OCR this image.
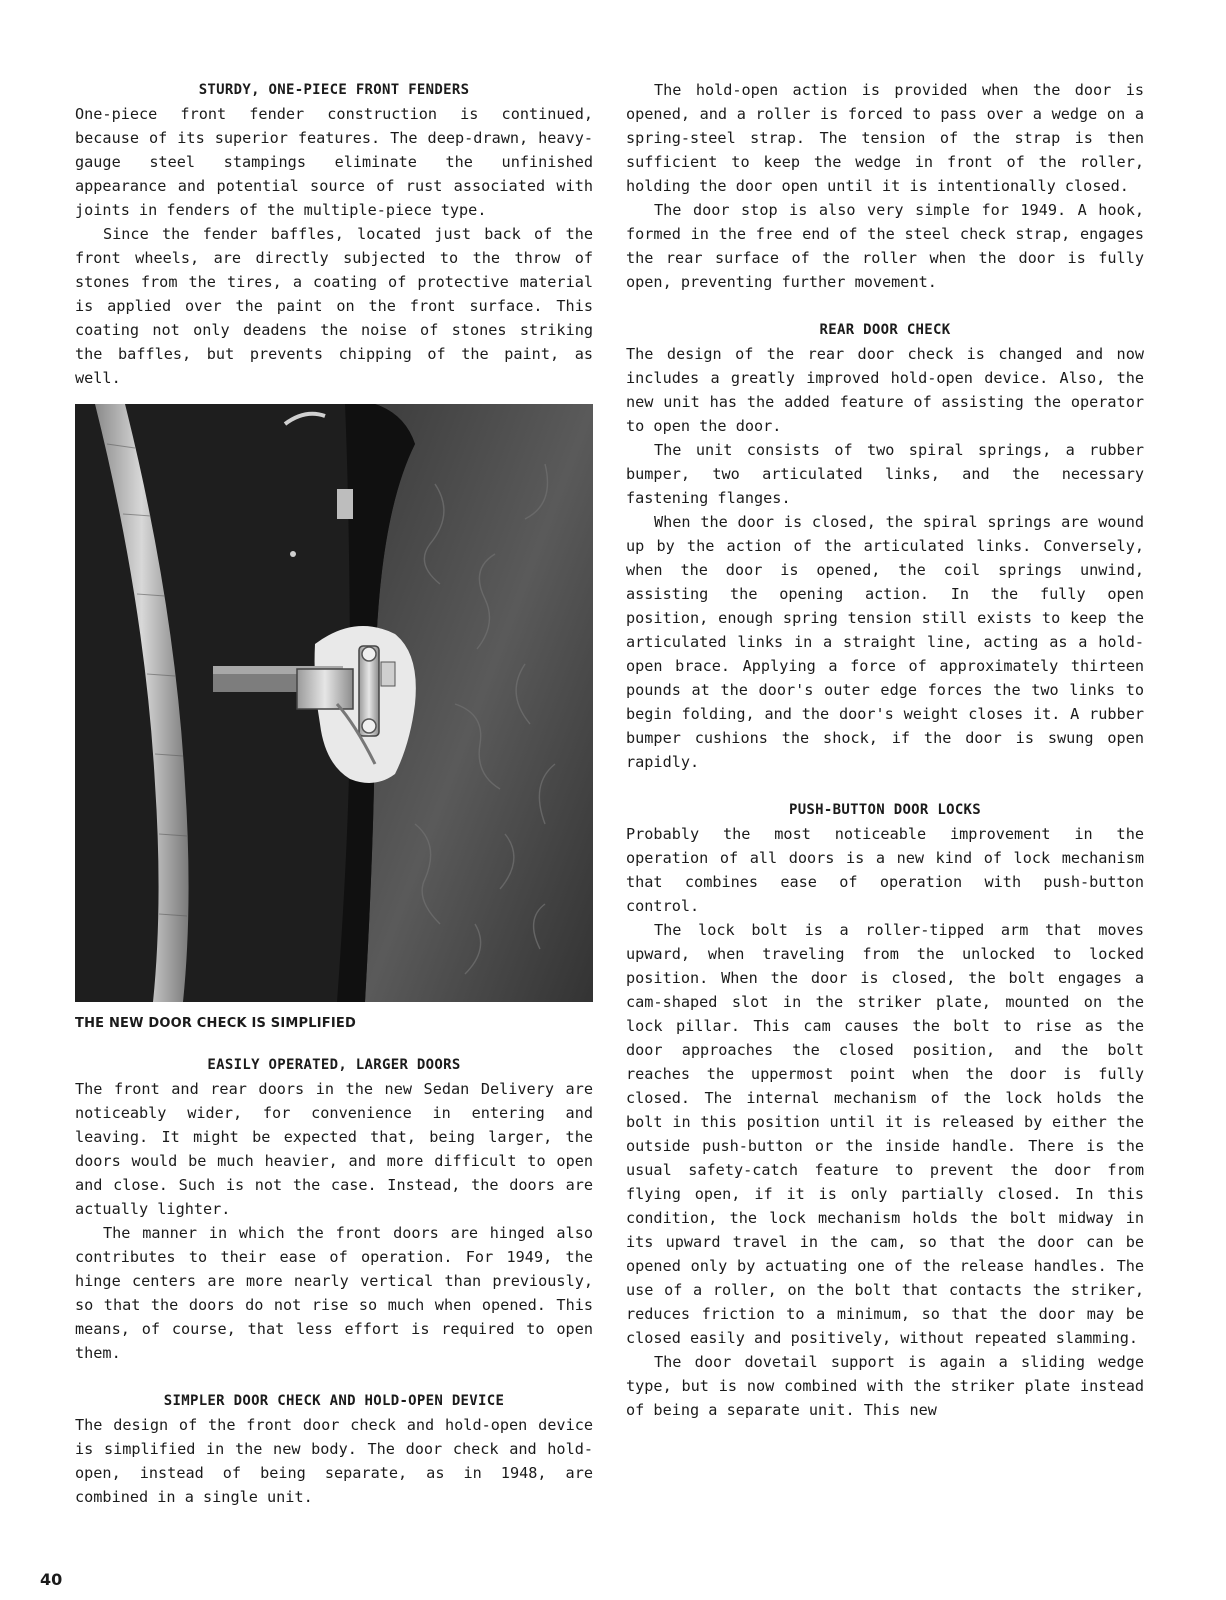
STURDY, ONE-PIECE FRONT FENDERS

One-piece front fender construction is continued, because of its superior features. The deep-drawn, heavy-gauge steel stampings eliminate the unfinished appearance and potential source of rust associated with joints in fenders of the multiple-piece type.

Since the fender baffles, located just back of the front wheels, are directly subjected to the throw of stones from the tires, a coating of protective material is applied over the paint on the front surface. This coating not only deadens the noise of stones striking the baffles, but prevents chipping of the paint, as well.

THE NEW DOOR CHECK IS SIMPLIFIED
EASILY OPERATED, LARGER DOORS

The front and rear doors in the new Sedan Delivery are noticeably wider, for convenience in entering and leaving. It might be expected that, being larger, the doors would be much heavier, and more difficult to open and close. Such is not the case. Instead, the doors are actually lighter.

The manner in which the front doors are hinged also contributes to their ease of operation. For 1949, the hinge centers are more nearly vertical than previously, so that the doors do not rise so much when opened. This means, of course, that less effort is required to open them.

SIMPLER DOOR CHECK AND HOLD-OPEN DEVICE

The design of the front door check and hold-open device is simplified in the new body. The door check and hold-open, instead of being separate, as in 1948, are combined in a single unit.

The hold-open action is provided when the door is opened, and a roller is forced to pass over a wedge on a spring-steel strap. The tension of the strap is then sufficient to keep the wedge in front of the roller, holding the door open until it is intentionally closed.

The door stop is also very simple for 1949. A hook, formed in the free end of the steel check strap, engages the rear surface of the roller when the door is fully open, preventing further movement.

REAR DOOR CHECK

The design of the rear door check is changed and now includes a greatly improved hold-open device. Also, the new unit has the added feature of assisting the operator to open the door.

The unit consists of two spiral springs, a rubber bumper, two articulated links, and the necessary fastening flanges.

When the door is closed, the spiral springs are wound up by the action of the articulated links. Conversely, when the door is opened, the coil springs unwind, assisting the opening action. In the fully open position, enough spring tension still exists to keep the articulated links in a straight line, acting as a hold-open brace. Applying a force of approximately thirteen pounds at the door's outer edge forces the two links to begin folding, and the door's weight closes it. A rubber bumper cushions the shock, if the door is swung open rapidly.

PUSH-BUTTON DOOR LOCKS

Probably the most noticeable improvement in the operation of all doors is a new kind of lock mechanism that combines ease of operation with push-button control.

The lock bolt is a roller-tipped arm that moves upward, when traveling from the unlocked to locked position. When the door is closed, the bolt engages a cam-shaped slot in the striker plate, mounted on the lock pillar. This cam causes the bolt to rise as the door approaches the closed position, and the bolt reaches the uppermost point when the door is fully closed. The internal mechanism of the lock holds the bolt in this position until it is released by either the outside push-button or the inside handle. There is the usual safety-catch feature to prevent the door from flying open, if it is only partially closed. In this condition, the lock mechanism holds the bolt midway in its upward travel in the cam, so that the door can be opened only by actuating one of the release handles. The use of a roller, on the bolt that contacts the striker, reduces friction to a minimum, so that the door may be closed easily and positively, without repeated slamming.

The door dovetail support is again a sliding wedge type, but is now combined with the striker plate instead of being a separate unit. This new

40
